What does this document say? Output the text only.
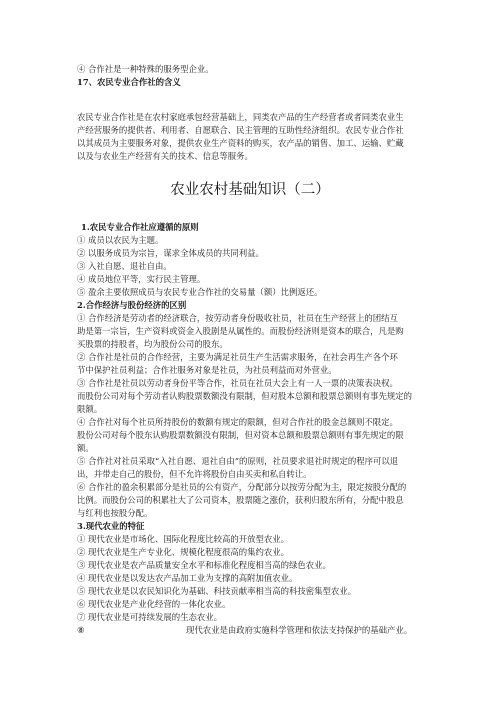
④ 合作社是一种特殊的服务型企业。
17、农民专业合作社的含义
农民专业合作社是在农村家庭承包经营基础上，同类农产品的生产经营者或者同类农业生
产经营服务的提供者、利用者、自愿联合、民主管理的互助性经济组织。农民专业合作社
以其成员为主要服务对象，提供农业生产资料的购买，农产品的销售、加工、运输、贮藏
以及与农业生产经营有关的技术、信息等服务。
农业农村基础知识（二）
1.农民专业合作社应遵循的原则
① 成员以农民为主题。
② 以服务成员为宗旨，谋求全体成员的共同利益。
③ 入社自愿、退社自由。
④ 成员地位平等，实行民主管理。
⑤ 盈余主要依照成员与农民专业合作社的交易量（额）比例返还。
2.合作经济与股份经济的区别
① 合作经济是劳动者的经济联合，按劳动者身份吸收社员，社员在生产经营上的团结互
助是第一宗旨，生产资料或资金入股剧是从属性的。而股份经济则是资本的联合，凡是购
买股票的持股者，均为股份公司的股东。
② 合作社是社员的合作经营，主要为满足社员生产生活需求服务，在社会再生产各个环
节中保护社员利益；合作社服务对象是社员，为社员利益而对外营业。
③ 合作社是社员以劳动者身份平等合作，社员在社员大会上有一人一票的决策表决权。
而股份公司对每个劳动者认购股票数额没有限制，但对股本总额和股票总额则有事先规定的
限额。
④ 合作社对每个社员所持股份的数额有规定的限额，但对合作社的股金总额则不限定。
股份公司对每个股东认购股票数额没有限制，但对资本总额和股票总额则有事先规定的限
额。
⑤ 合作社对社员采取“入社自愿、退社自由”的原则，社员要求退社时规定的程序可以退
出，并带走自己的股份，但不允许将股份自由买卖和私自转让。
⑥ 合作社的盈余积累部分是社员的公有资产，分配部分以按劳分配为主，限定按股分配的
比例。而股份公司的积累社大了公司资本，股票随之涨价，获利归股东所有，分配中股息
与红利也按股分配。
3.现代农业的特征
① 现代农业是市场化、国际化程度比较高的开放型农业。
② 现代农业是生产专业化、规模化程度很高的集约农业。
③ 现代农业是农产品质量安全水平和标准化程度相当高的绿色农业。
④ 现代农业是以发达农产品加工业为支撑的高附加值农业。
⑤ 现代农业是以农民知识化为基础、科技贡献率相当高的科技密集型农业。
⑥ 现代农业是产业化经营的一体化农业。
⑦ 现代农业是可持续发展的生态农业。
⑧	现代农业是由政府实施科学管理和依法支持保护的基础产业。
